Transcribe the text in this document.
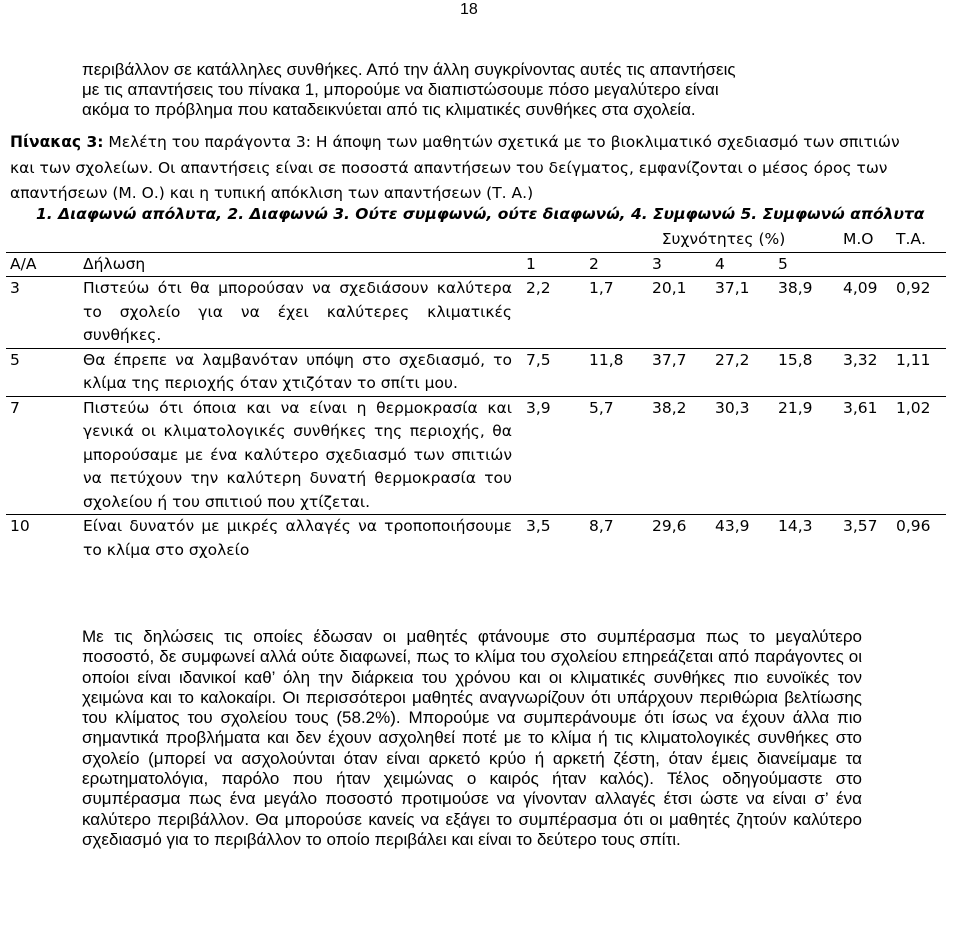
18

περιβάλλον σε κατάλληλες συνθήκες. Από την άλλη συγκρίνοντας αυτές τις απαντήσεις

με τις απαντήσεις του πίνακα 1, μπορούμε να διαπιστώσουμε πόσο μεγαλύτερο είναι

ακόμα το πρόβλημα που καταδεικνύεται από τις κλιματικές συνθήκες στα σχολεία.

Πίνακας 3: Μελέτη του παράγοντα 3: Η άποψη των μαθητών σχετικά με το βιοκλιματικό σχεδιασμό των σπιτιών

και των σχολείων. Οι απαντήσεις είναι σε ποσοστά απαντήσεων του δείγματος, εμφανίζονται ο μέσος όρος των

απαντήσεων (Μ. Ο.) και η τυπική απόκλιση των απαντήσεων (Τ. Α.)

1. Διαφωνώ απόλυτα, 2. Διαφωνώ 3. Ούτε συμφωνώ, ούτε διαφωνώ, 4. Συμφωνώ 5. Συμφωνώ απόλυτα
		Συχνότητες (%)					Μ.Ο	Τ.Α.
Α/Α	Δήλωση	1	2	3	4	5		
3	Πιστεύω ότι θα μπορούσαν να σχεδιάσουν καλύτερα το σχολείο για να έχει καλύτερες κλιματικές συνθήκες.	2,2	1,7	20,1	37,1	38,9	4,09	0,92
5	Θα έπρεπε να λαμβανόταν υπόψη στο σχεδιασμό, το κλίμα της περιοχής όταν χτιζόταν το σπίτι μου.	7,5	11,8	37,7	27,2	15,8	3,32	1,11
7	Πιστεύω ότι όποια και να είναι η θερμοκρασία και γενικά οι κλιματολογικές συνθήκες της περιοχής, θα μπορούσαμε με ένα καλύτερο σχεδιασμό των σπιτιών να πετύχουν την καλύτερη δυνατή θερμοκρασία του σχολείου ή του σπιτιού που χτίζεται.	3,9	5,7	38,2	30,3	21,9	3,61	1,02
10	Είναι δυνατόν με μικρές αλλαγές να τροποποιήσουμε το κλίμα στο σχολείο	3,5	8,7	29,6	43,9	14,3	3,57	0,96

Με τις δηλώσεις τις οποίες έδωσαν οι μαθητές φτάνουμε στο συμπέρασμα πως το μεγαλύτερο ποσοστό, δε συμφωνεί αλλά ούτε διαφωνεί, πως το κλίμα του σχολείου επηρεάζεται από παράγοντες οι οποίοι είναι ιδανικοί καθ’ όλη την διάρκεια του χρόνου και οι κλιματικές συνθήκες πιο ευνοϊκές τον χειμώνα και το καλοκαίρι. Οι περισσότεροι μαθητές αναγνωρίζουν ότι υπάρχουν περιθώρια βελτίωσης του κλίματος του σχολείου τους (58.2%). Μπορούμε να συμπεράνουμε ότι ίσως να έχουν άλλα πιο σημαντικά προβλήματα και δεν έχουν ασχοληθεί ποτέ με το κλίμα ή τις κλιματολογικές συνθήκες στο σχολείο (μπορεί να ασχολούνται όταν είναι αρκετό κρύο ή αρκετή ζέστη, όταν έμεις διανείμαμε τα ερωτηματολόγια, παρόλο που ήταν χειμώνας ο καιρός ήταν καλός). Τέλος οδηγούμαστε στο συμπέρασμα πως ένα μεγάλο ποσοστό προτιμούσε να γίνονταν αλλαγές έτσι ώστε να είναι σ’ ένα καλύτερο περιβάλλον. Θα μπορούσε κανείς να εξάγει το συμπέρασμα ότι οι μαθητές ζητούν καλύτερο σχεδιασμό για το περιβάλλον το οποίο περιβάλει και είναι το δεύτερο τους σπίτι.
